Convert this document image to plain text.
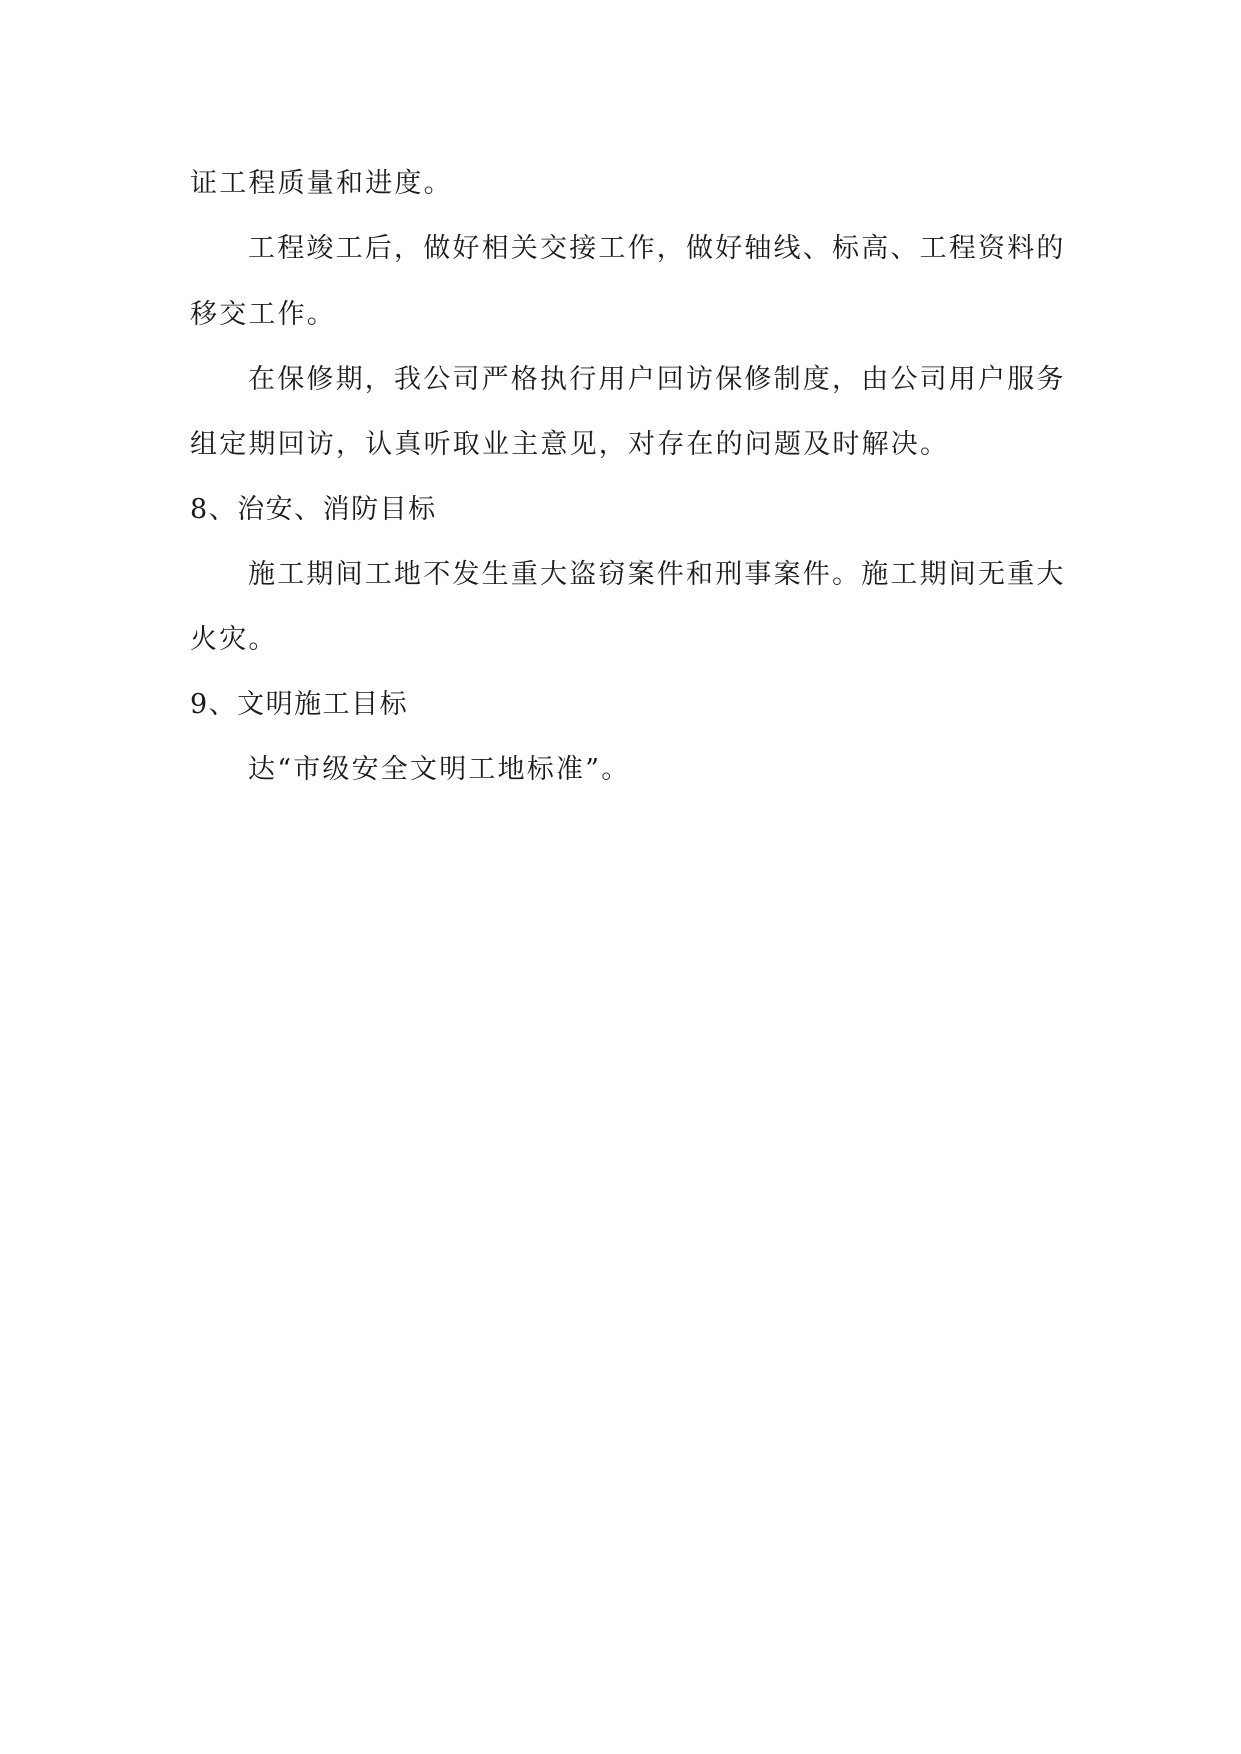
证工程质量和进度。
工程竣工后，做好相关交接工作，做好轴线、标高、工程资料的
移交工作。
在保修期，我公司严格执行用户回访保修制度，由公司用户服务
组定期回访，认真听取业主意见，对存在的问题及时解决。
8、治安、消防目标
施工期间工地不发生重大盗窃案件和刑事案件。施工期间无重大
火灾。
9、文明施工目标
达“市级安全文明工地标准”。
